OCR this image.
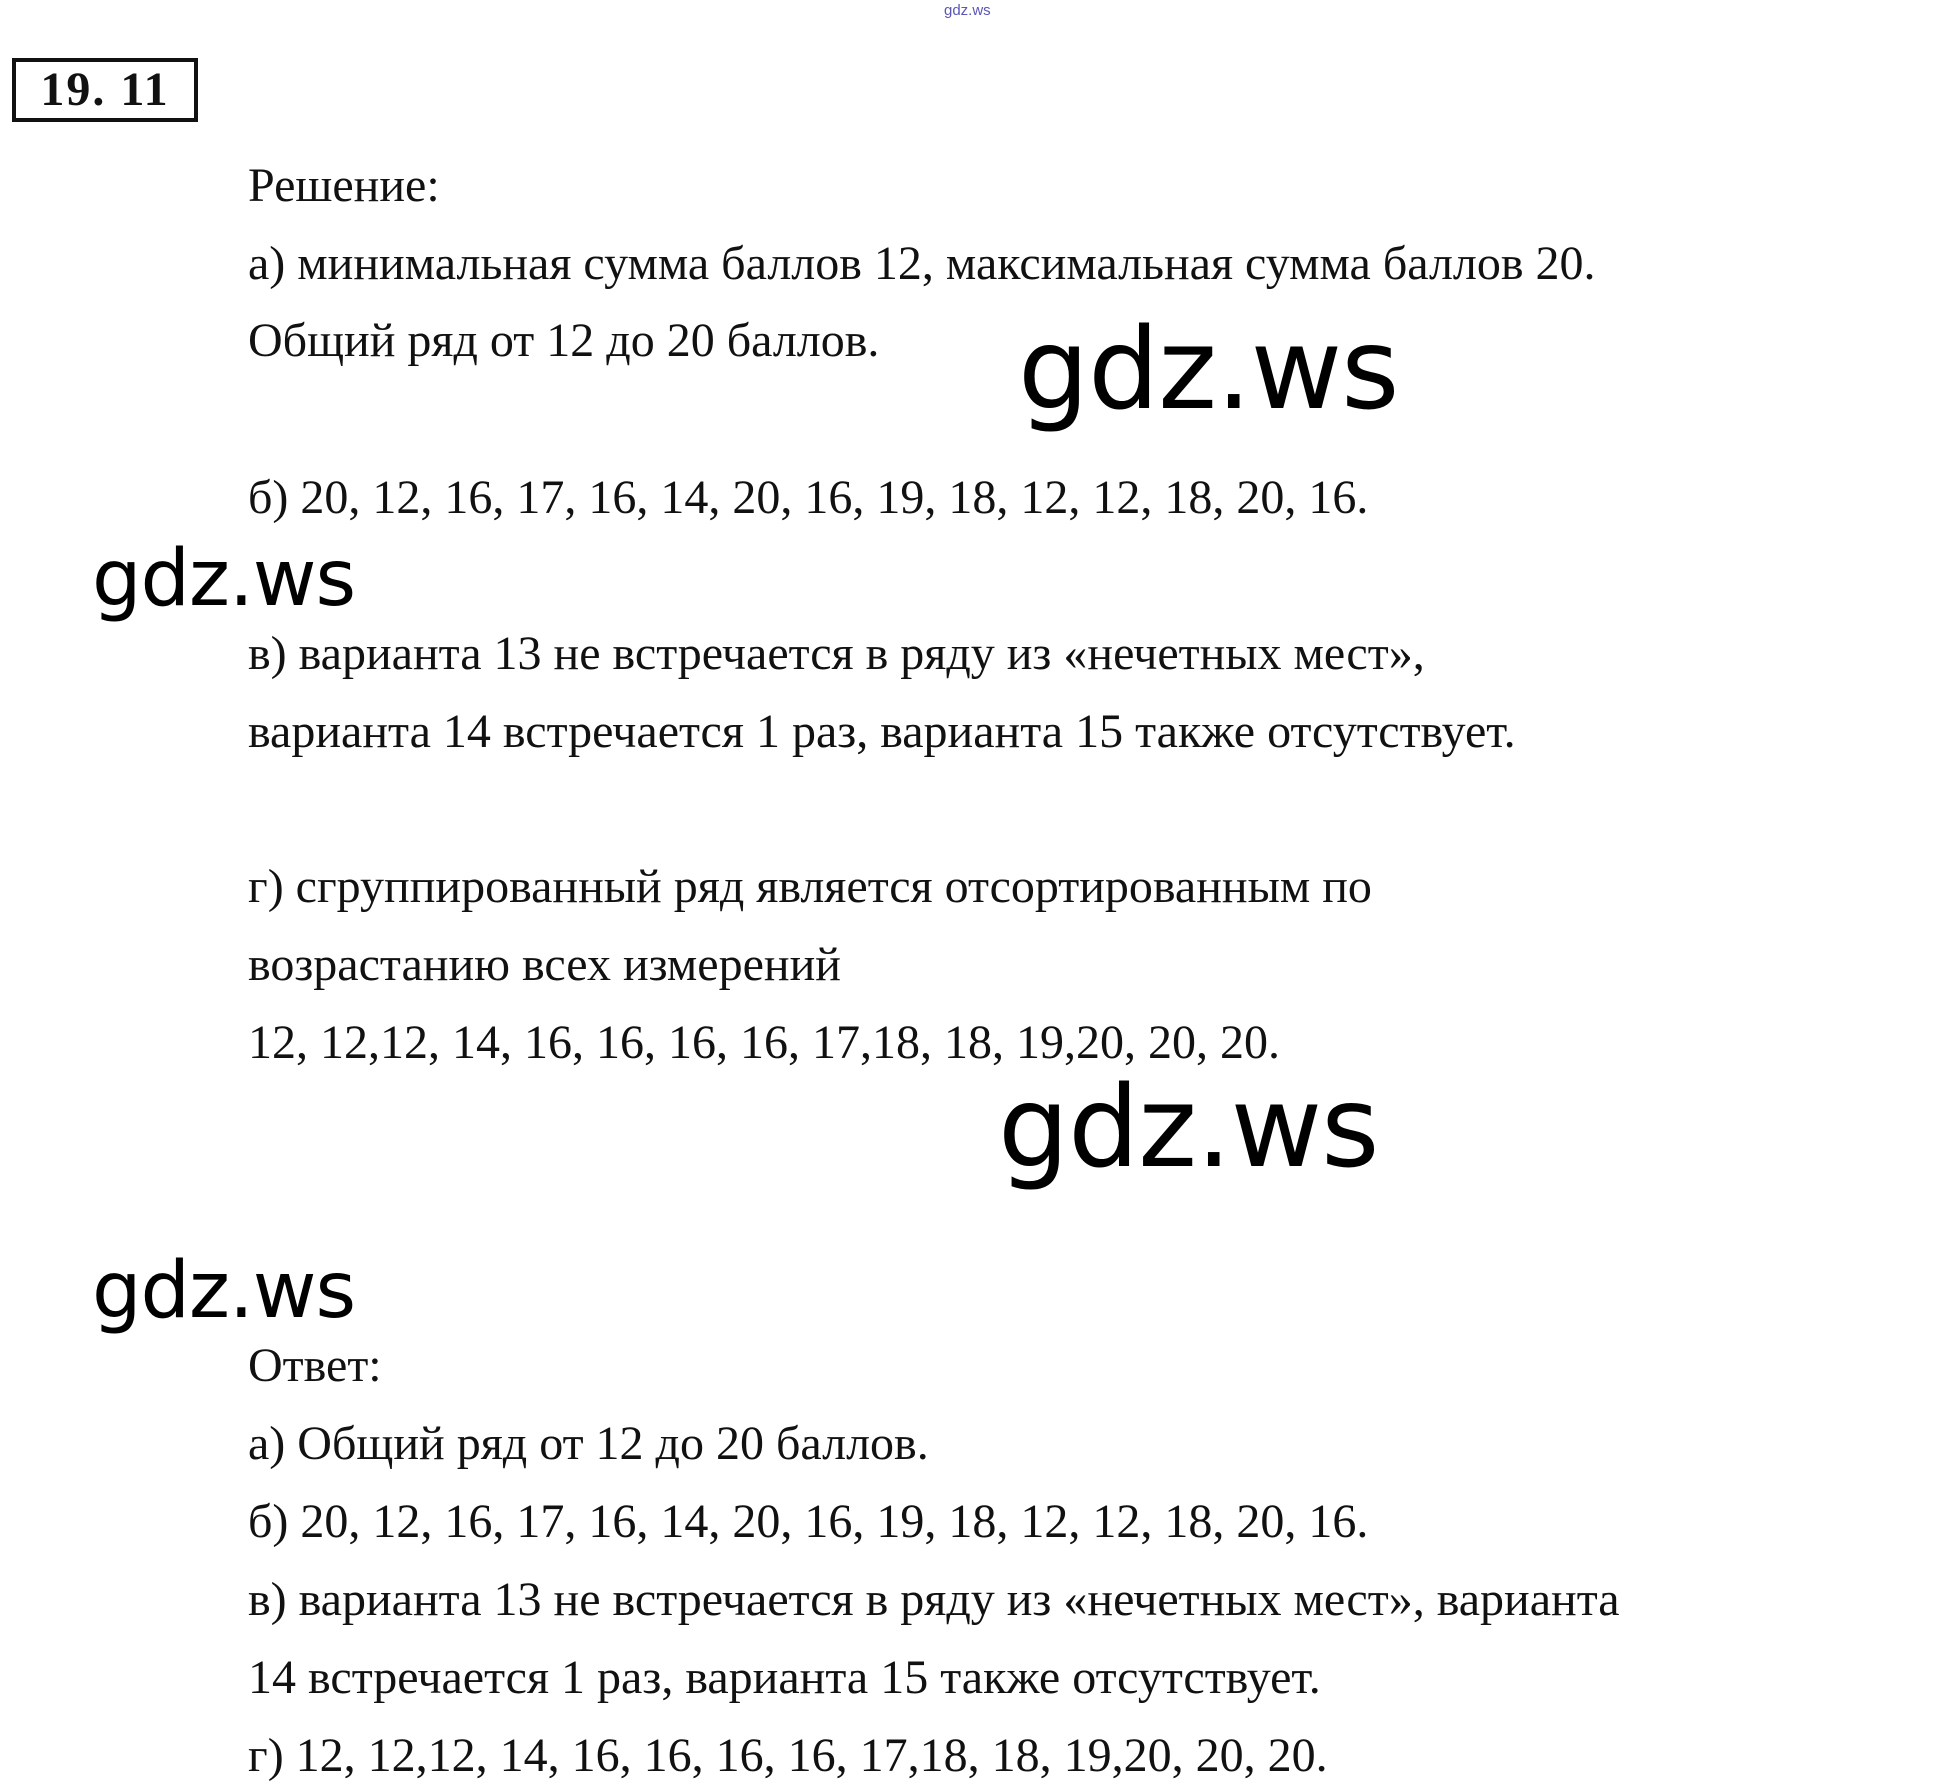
gdz.ws
19. 11
Решение:
а) минимальная сумма баллов 12, максимальная сумма баллов 20.
Общий ряд от 12 до 20 баллов.
б) 20, 12, 16, 17, 16, 14, 20, 16, 19, 18, 12, 12, 18, 20, 16.
в) варианта 13 не встречается в ряду из «нечетных мест»,
варианта 14 встречается 1 раз, варианта 15 также отсутствует.
г) сгруппированный ряд является отсортированным по
возрастанию всех измерений
12, 12,12, 14, 16, 16, 16, 16, 17,18, 18, 19,20, 20, 20.
Ответ:
а) Общий ряд от 12 до 20 баллов.
б) 20, 12, 16, 17, 16, 14, 20, 16, 19, 18, 12, 12, 18, 20, 16.
в) варианта 13 не встречается в ряду из «нечетных мест», варианта
14 встречается 1 раз, варианта 15 также отсутствует.
г) 12, 12,12, 14, 16, 16, 16, 16, 17,18, 18, 19,20, 20, 20.
gdz.ws
gdz.ws
gdz.ws
gdz.ws
